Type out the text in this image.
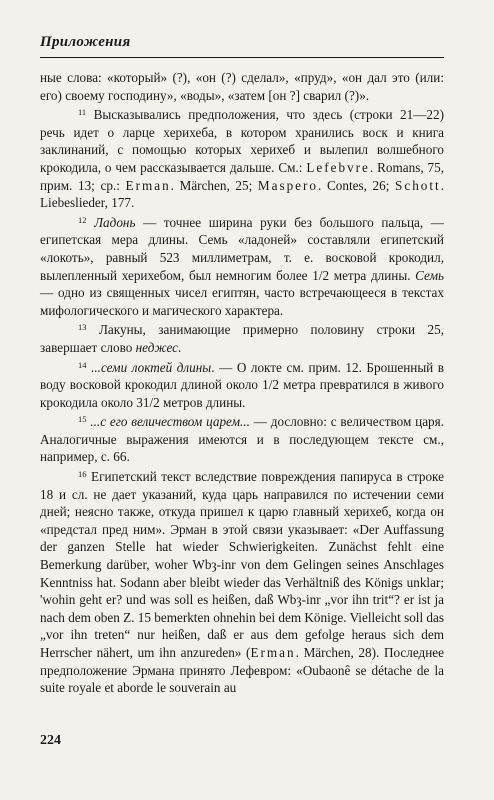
Приложения

ные слова: «который» (?), «он (?) сделал», «пруд», «он дал это (или: его) своему господину», «воды», «затем [он ?] сварил (?)».

$^{11}$ Высказывались предположения, что здесь (строки 21—22) речь идет о ларце херихеба, в котором хранились воск и книга заклинаний, с помощью которых херихеб и вылепил волшебного крокодила, о чем рассказывается дальше. См.: Lefebvre. Romans, 75, прим. 13; ср.: Erman. Märchen, 25; Maspero. Contes, 26; Schott. Liebeslieder, 177.

$^{12}$ Ладонь — точнее ширина руки без большого пальца, — египетская мера длины. Семь «ладоней» составляли египетский «локоть», равный 523 миллиметрам, т. е. восковой крокодил, вылепленный херихебом, был немногим более 1/2 метра длины. Семь — одно из священных чисел египтян, часто встречающееся в текстах мифологического и магического характера.

$^{13}$ Лакуны, занимающие примерно половину строки 25, завершает слово неджес.

$^{14}$ ...семи локтей длины. — О локте см. прим. 12. Брошенный в воду восковой крокодил длиной около 1/2 метра превратился в живого крокодила около 31/2 метров длины.

$^{15}$ ...с его величеством царем... — дословно: с величеством царя. Аналогичные выражения имеются и в последующем тексте см., например, с. 66.

$^{16}$ Египетский текст вследствие повреждения папируса в строке 18 и сл. не дает указаний, куда царь направился по истечении семи дней; неясно также, откуда пришел к царю главный херихеб, когда он «предстал пред ним». Эрман в этой связи указывает: «Der Auffassung der ganzen Stelle hat wieder Schwierigkeiten. Zunächst fehlt eine Bemerkung darüber, woher Wbȝ-inr von dem Gelingen seines Anschlages Kenntniss hat. Sodann aber bleibt wieder das Verhältniß des Königs unklar; 'wohin geht er? und was soll es heißen, daß Wbȝ-inr „vor ihn trit“? er ist ja nach dem oben Z. 15 bemerkten ohnehin bei dem Könige. Vielleicht soll das „vor ihn treten“ nur heißen, daß er aus dem gefolge heraus sich dem Herrscher nähert, um ihn anzureden» (Erman. Märchen, 28). Последнее предположение Эрмана принято Лефевром: «Oubaonê se détache de la suite royale et aborde le souverain au

224
